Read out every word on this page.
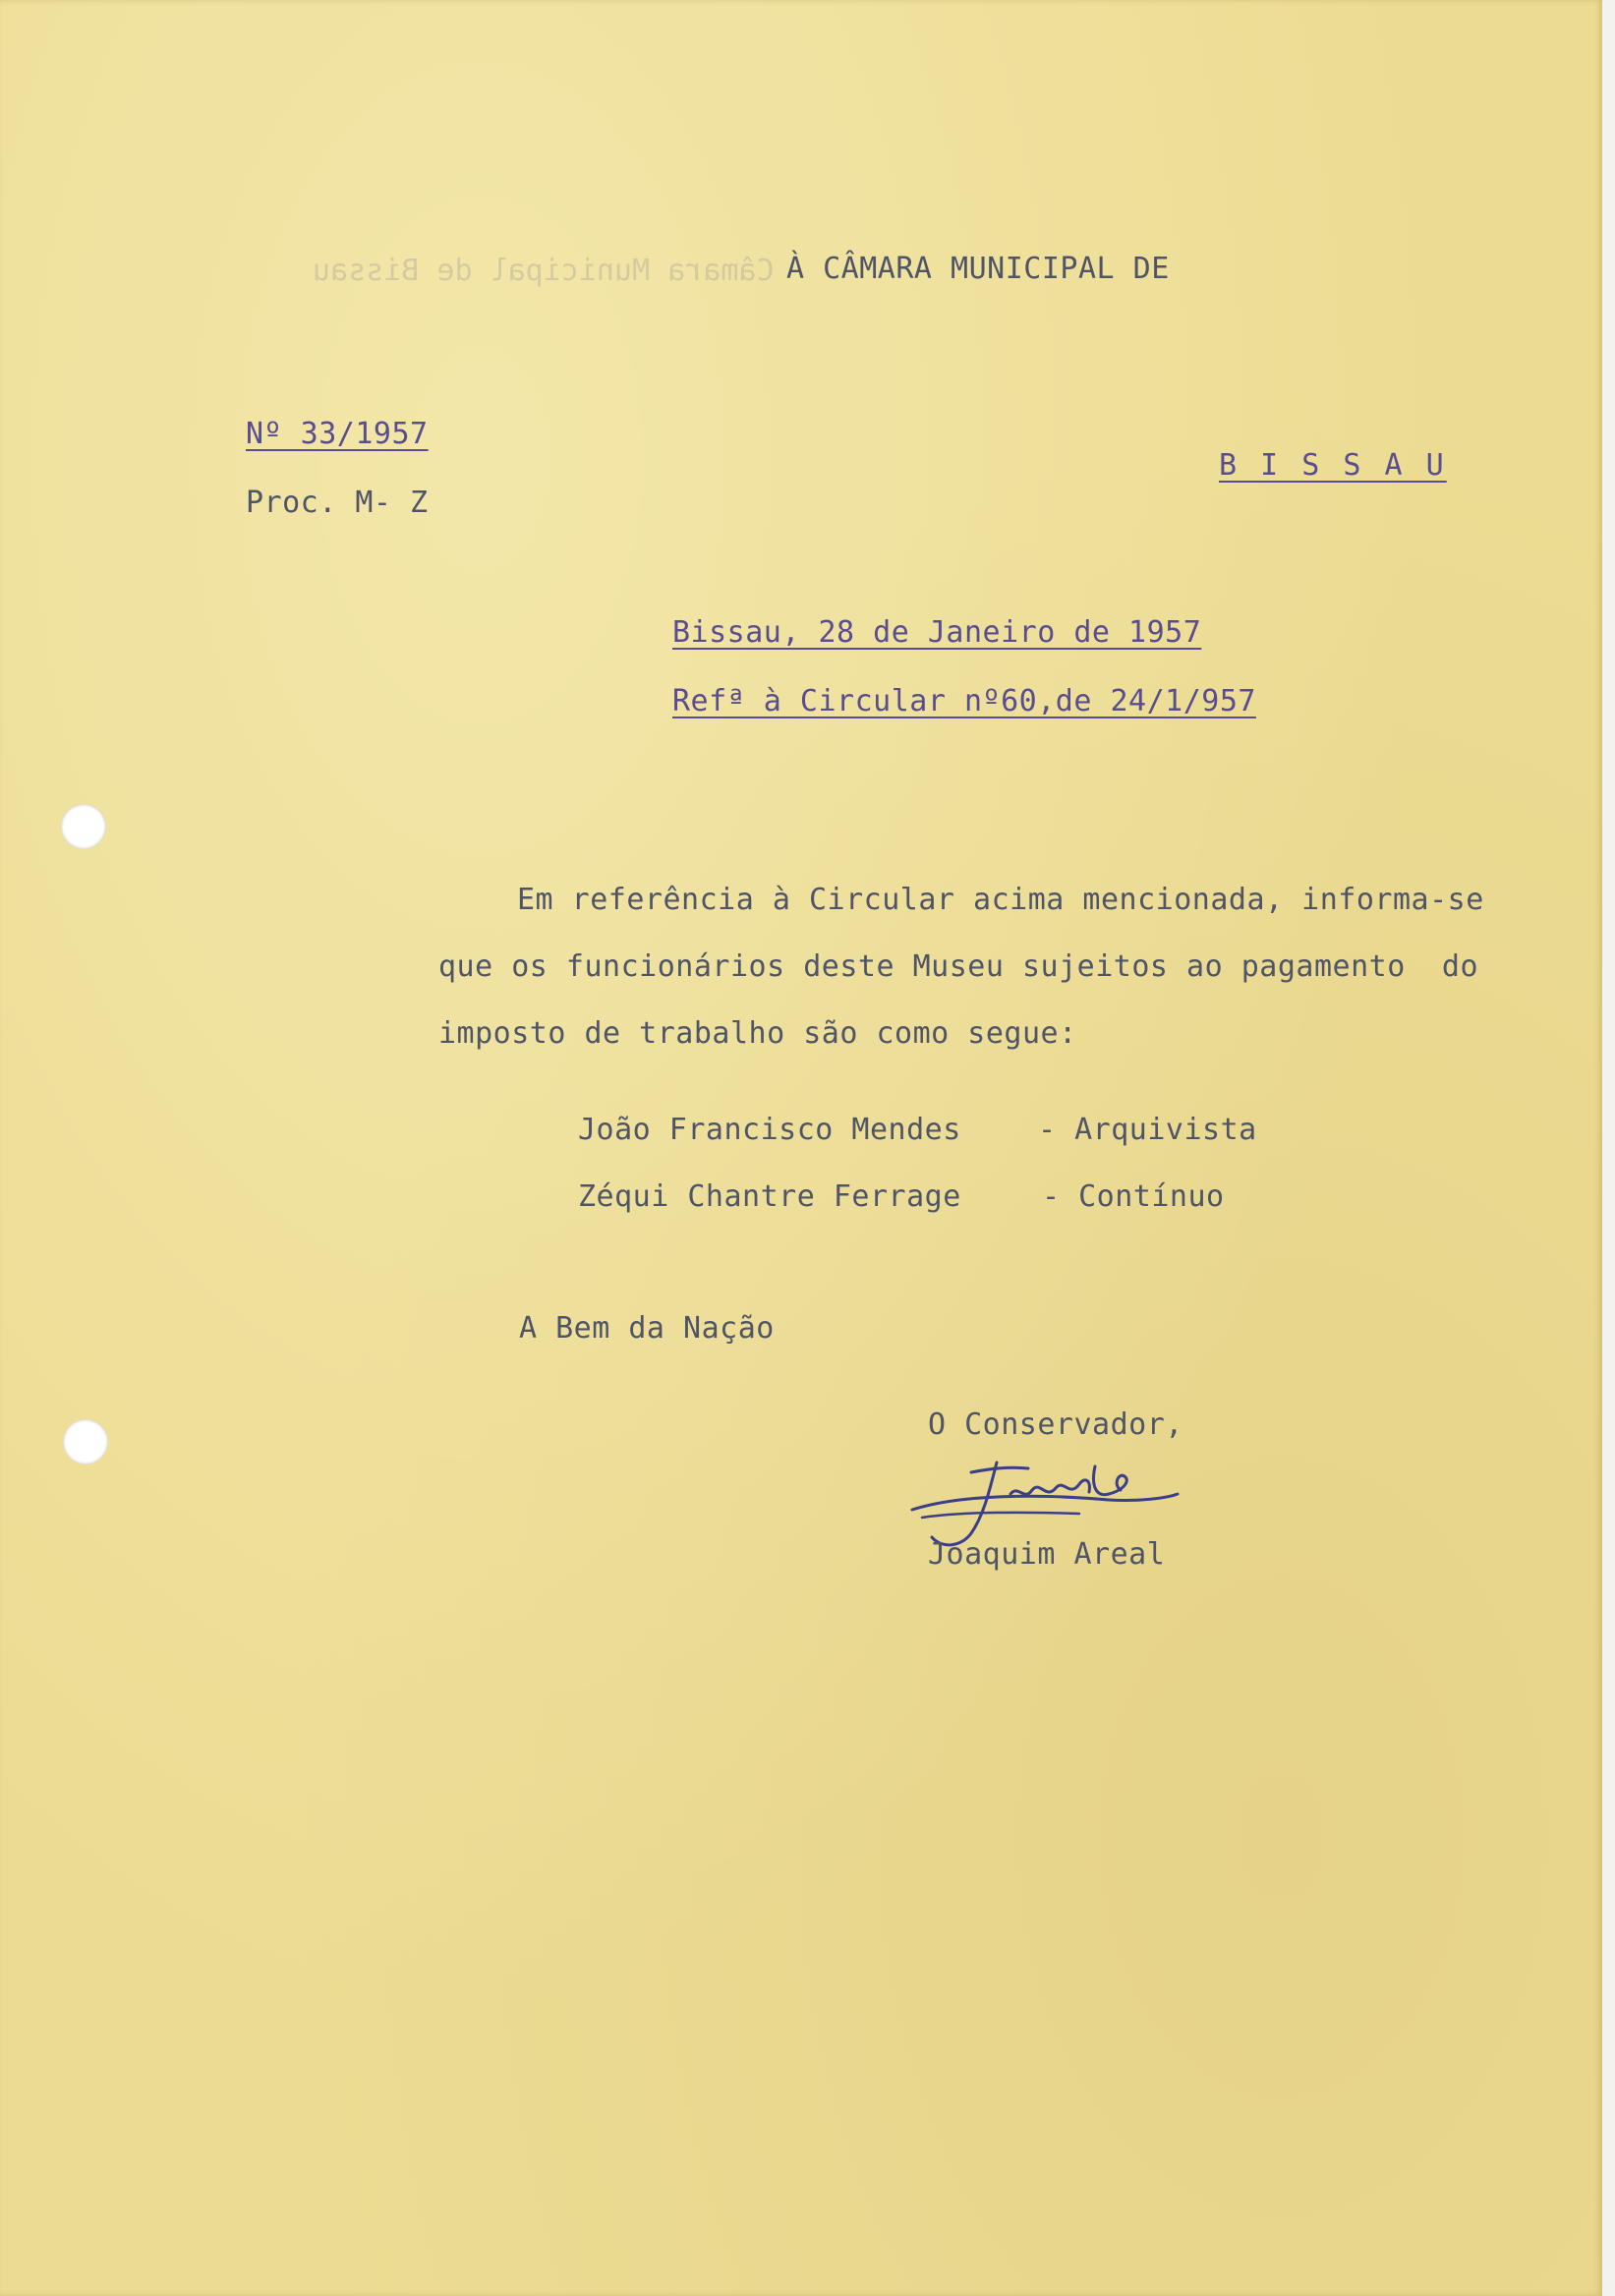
Câmara Municipal de Bissau À CÂMARA MUNICIPAL DE
Nº 33/1957
Proc. M- Z
B I S S A U
Bissau, 28 de Janeiro de 1957
Refª à Circular nº60,de 24/1/957
Em referência à Circular acima mencionada, informa-se
que os funcionários deste Museu sujeitos ao pagamento  do
imposto de trabalho são como segue:
João Francisco Mendes	- Arquivista
Zéqui Chantre Ferrage	- Contínuo
A Bem da Nação
O Conservador,
Joaquim Areal
